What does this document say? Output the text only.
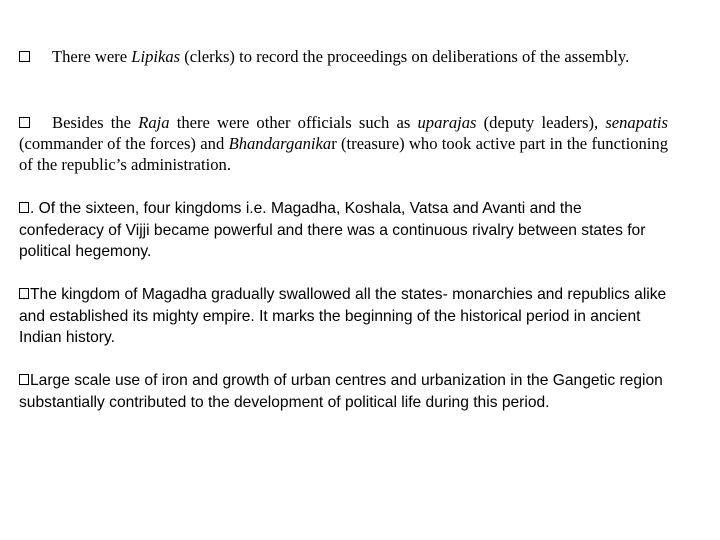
There were Lipikas (clerks) to record the proceedings on deliberations of the assembly.

Besides the Raja there were other officials such as uparajas (deputy leaders), senapatis (commander of the forces) and Bhandarganikar (treasure) who took active part in the functioning of the republic’s administration.

. Of the sixteen, four kingdoms i.e. Magadha, Koshala, Vatsa and Avanti and the confederacy of Vijji became powerful and there was a continuous rivalry between states for political hegemony.

The kingdom of Magadha gradually swallowed all the states- monarchies and republics alike and established its mighty empire. It marks the beginning of the historical period in ancient Indian history.

Large scale use of iron and growth of urban centres and urbanization in the Gangetic region substantially contributed to the development of political life during this period.
